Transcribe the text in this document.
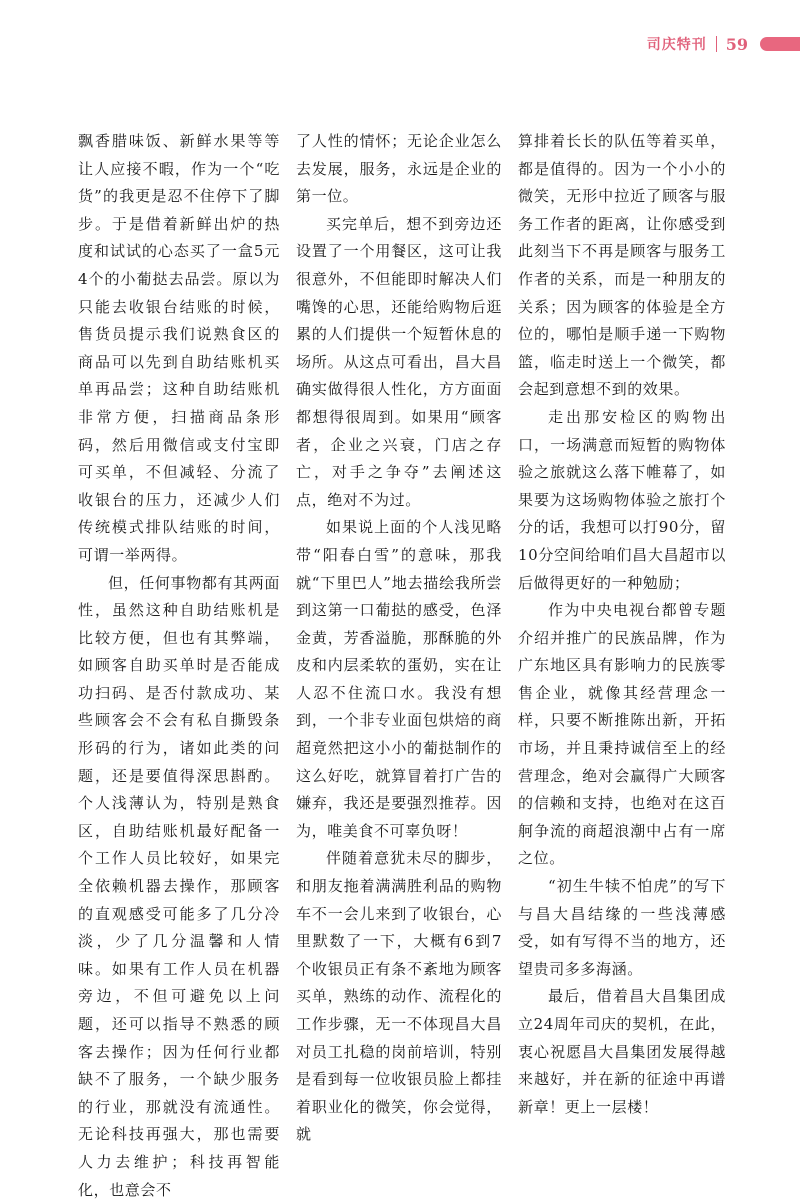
司庆特刊 59

飘香腊味饭、新鲜水果等等让人应接不暇，作为一个“吃货”的我更是忍不住停下了脚步。于是借着新鲜出炉的热度和试试的心态买了一盒5元4个的小葡挞去品尝。原以为只能去收银台结账的时候，售货员提示我们说熟食区的商品可以先到自助结账机买单再品尝；这种自助结账机非常方便，扫描商品条形码，然后用微信或支付宝即可买单，不但减轻、分流了收银台的压力，还减少人们传统模式排队结账的时间，可谓一举两得。

但，任何事物都有其两面性，虽然这种自助结账机是比较方便，但也有其弊端，如顾客自助买单时是否能成功扫码、是否付款成功、某些顾客会不会有私自撕毁条形码的行为，诸如此类的问题，还是要值得深思斟酌。个人浅薄认为，特别是熟食区，自助结账机最好配备一个工作人员比较好，如果完全依赖机器去操作，那顾客的直观感受可能多了几分冷淡，少了几分温馨和人情味。如果有工作人员在机器旁边，不但可避免以上问题，还可以指导不熟悉的顾客去操作；因为任何行业都缺不了服务，一个缺少服务的行业，那就没有流通性。无论科技再强大，那也需要人力去维护；科技再智能化，也意会不

了人性的情怀；无论企业怎么去发展，服务，永远是企业的第一位。

买完单后，想不到旁边还设置了一个用餐区，这可让我很意外，不但能即时解决人们嘴馋的心思，还能给购物后逛累的人们提供一个短暂休息的场所。从这点可看出，昌大昌确实做得很人性化，方方面面都想得很周到。如果用“顾客者，企业之兴衰，门店之存亡，对手之争夺”去阐述这点，绝对不为过。

如果说上面的个人浅见略带“阳春白雪”的意味，那我就“下里巴人”地去描绘我所尝到这第一口葡挞的感受，色泽金黄，芳香溢脆，那酥脆的外皮和内层柔软的蛋奶，实在让人忍不住流口水。我没有想到，一个非专业面包烘焙的商超竟然把这小小的葡挞制作的这么好吃，就算冒着打广告的嫌弃，我还是要强烈推荐。因为，唯美食不可辜负呀！

伴随着意犹未尽的脚步，和朋友拖着满满胜利品的购物车不一会儿来到了收银台，心里默数了一下，大概有6到7个收银员正有条不紊地为顾客买单，熟练的动作、流程化的工作步骤，无一不体现昌大昌对员工扎稳的岗前培训，特别是看到每一位收银员脸上都挂着职业化的微笑，你会觉得，就

算排着长长的队伍等着买单，都是值得的。因为一个小小的微笑，无形中拉近了顾客与服务工作者的距离，让你感受到此刻当下不再是顾客与服务工作者的关系，而是一种朋友的关系；因为顾客的体验是全方位的，哪怕是顺手递一下购物篮，临走时送上一个微笑，都会起到意想不到的效果。

走出那安检区的购物出口，一场满意而短暂的购物体验之旅就这么落下帷幕了，如果要为这场购物体验之旅打个分的话，我想可以打90分，留10分空间给咱们昌大昌超市以后做得更好的一种勉励；

作为中央电视台都曾专题介绍并推广的民族品牌，作为广东地区具有影响力的民族零售企业，就像其经营理念一样，只要不断推陈出新，开拓市场，并且秉持诚信至上的经营理念，绝对会赢得广大顾客的信赖和支持，也绝对在这百舸争流的商超浪潮中占有一席之位。

“初生牛犊不怕虎”的写下与昌大昌结缘的一些浅薄感受，如有写得不当的地方，还望贵司多多海涵。

最后，借着昌大昌集团成立24周年司庆的契机，在此，衷心祝愿昌大昌集团发展得越来越好，并在新的征途中再谱新章！更上一层楼！
